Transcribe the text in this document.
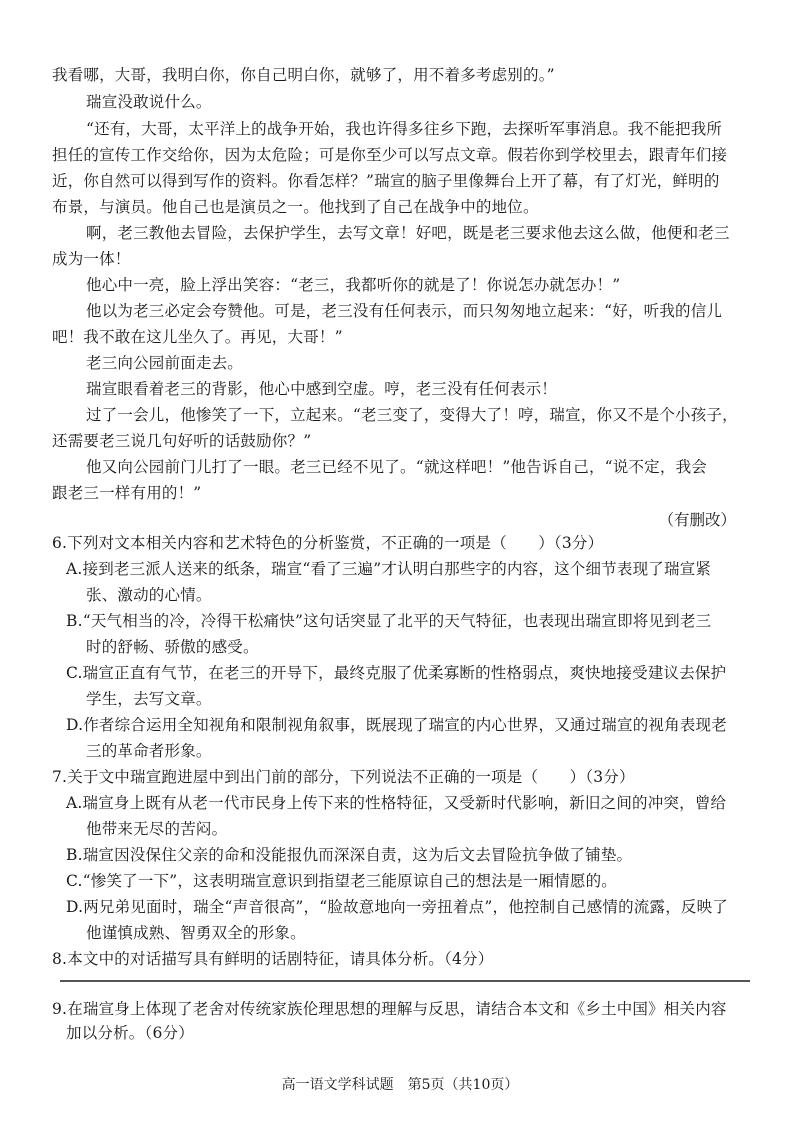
我看哪，大哥，我明白你，你自己明白你，就够了，用不着多考虑别的。”
瑞宣没敢说什么。
“还有，大哥，太平洋上的战争开始，我也许得多往乡下跑，去探听军事消息。我不能把我所
担任的宣传工作交给你，因为太危险；可是你至少可以写点文章。假若你到学校里去，跟青年们接
近，你自然可以得到写作的资料。你看怎样？”瑞宣的脑子里像舞台上开了幕，有了灯光，鲜明的
布景，与演员。他自己也是演员之一。他找到了自己在战争中的地位。
啊，老三教他去冒险，去保护学生，去写文章！好吧，既是老三要求他去这么做，他便和老三
成为一体！
他心中一亮，脸上浮出笑容：“老三，我都听你的就是了！你说怎办就怎办！”
他以为老三必定会夸赞他。可是，老三没有任何表示，而只匆匆地立起来：“好，听我的信儿
吧！我不敢在这儿坐久了。再见，大哥！”
老三向公园前面走去。
瑞宣眼看着老三的背影，他心中感到空虚。哼，老三没有任何表示！
过了一会儿，他惨笑了一下，立起来。“老三变了，变得大了！哼，瑞宣，你又不是个小孩子，
还需要老三说几句好听的话鼓励你？”
他又向公园前门儿打了一眼。老三已经不见了。“就这样吧！”他告诉自己，“说不定，我会
跟老三一样有用的！”
（有删改）
6.下列对文本相关内容和艺术特色的分析鉴赏，不正确的一项是（　　）（3分）
A.接到老三派人送来的纸条，瑞宣“看了三遍”才认明白那些字的内容，这个细节表现了瑞宣紧
张、激动的心情。
B.“天气相当的冷，冷得干松痛快”这句话突显了北平的天气特征，也表现出瑞宣即将见到老三
时的舒畅、骄傲的感受。
C.瑞宣正直有气节，在老三的开导下，最终克服了优柔寡断的性格弱点，爽快地接受建议去保护
学生，去写文章。
D.作者综合运用全知视角和限制视角叙事，既展现了瑞宣的内心世界，又通过瑞宣的视角表现老
三的革命者形象。
7.关于文中瑞宣跑进屋中到出门前的部分，下列说法不正确的一项是（　　）（3分）
A.瑞宣身上既有从老一代市民身上传下来的性格特征，又受新时代影响，新旧之间的冲突，曾给
他带来无尽的苦闷。
B.瑞宣因没保住父亲的命和没能报仇而深深自责，这为后文去冒险抗争做了铺垫。
C.“惨笑了一下”，这表明瑞宣意识到指望老三能原谅自己的想法是一厢情愿的。
D.两兄弟见面时，瑞全“声音很高”，“脸故意地向一旁扭着点”，他控制自己感情的流露，反映了
他谨慎成熟、智勇双全的形象。
8.本文中的对话描写具有鲜明的话剧特征，请具体分析。（4分）
9.在瑞宣身上体现了老舍对传统家族伦理思想的理解与反思，请结合本文和《乡土中国》相关内容
加以分析。（6分）
高一语文学科试题　第5页（共10页）
